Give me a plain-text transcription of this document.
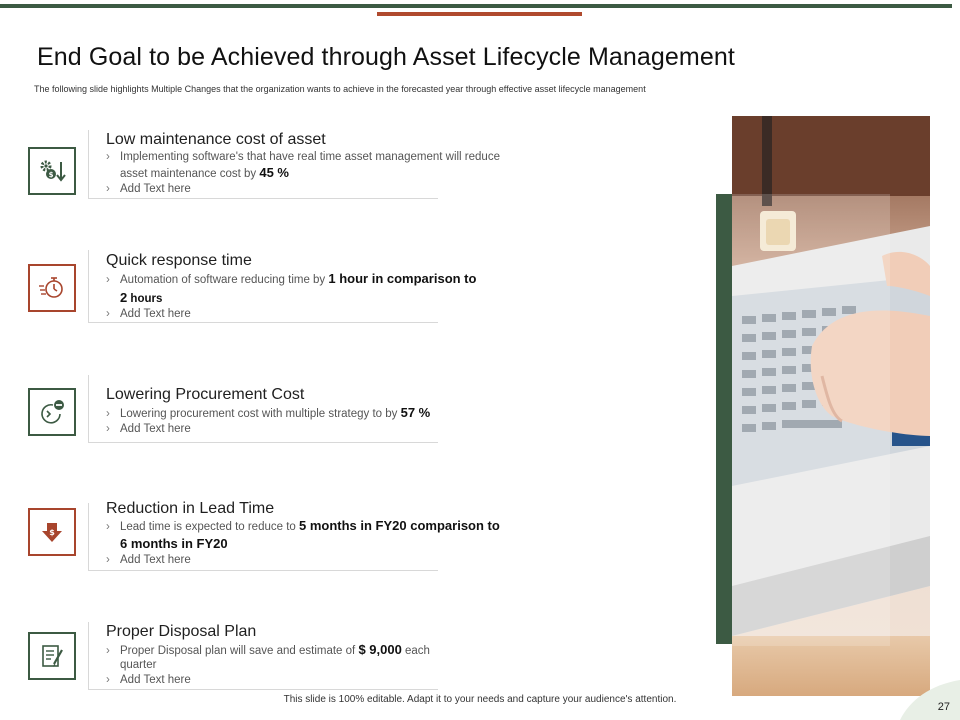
End Goal to be Achieved through Asset Lifecycle Management
The following slide highlights Multiple Changes that the organization wants to achieve in the forecasted year through effective asset lifecycle management
$
Low maintenance cost of asset
› Implementing software's that have real time asset management will reduce
asset maintenance cost by 45 %
› Add Text here
Quick response time
› Automation of software reducing time by 1 hour in comparison to
2 hours
› Add Text here
Lowering Procurement Cost
› Lowering procurement cost with multiple strategy to by 57 %
› Add Text here
$
Reduction in Lead Time
› Lead time is expected to reduce to 5 months in FY20 comparison to
6 months in FY20
› Add Text here
Proper Disposal Plan
› Proper Disposal plan will save and estimate of $ 9,000 each
quarter
› Add Text here
This slide is 100% editable. Adapt it to your needs and capture your audience's attention.
27
